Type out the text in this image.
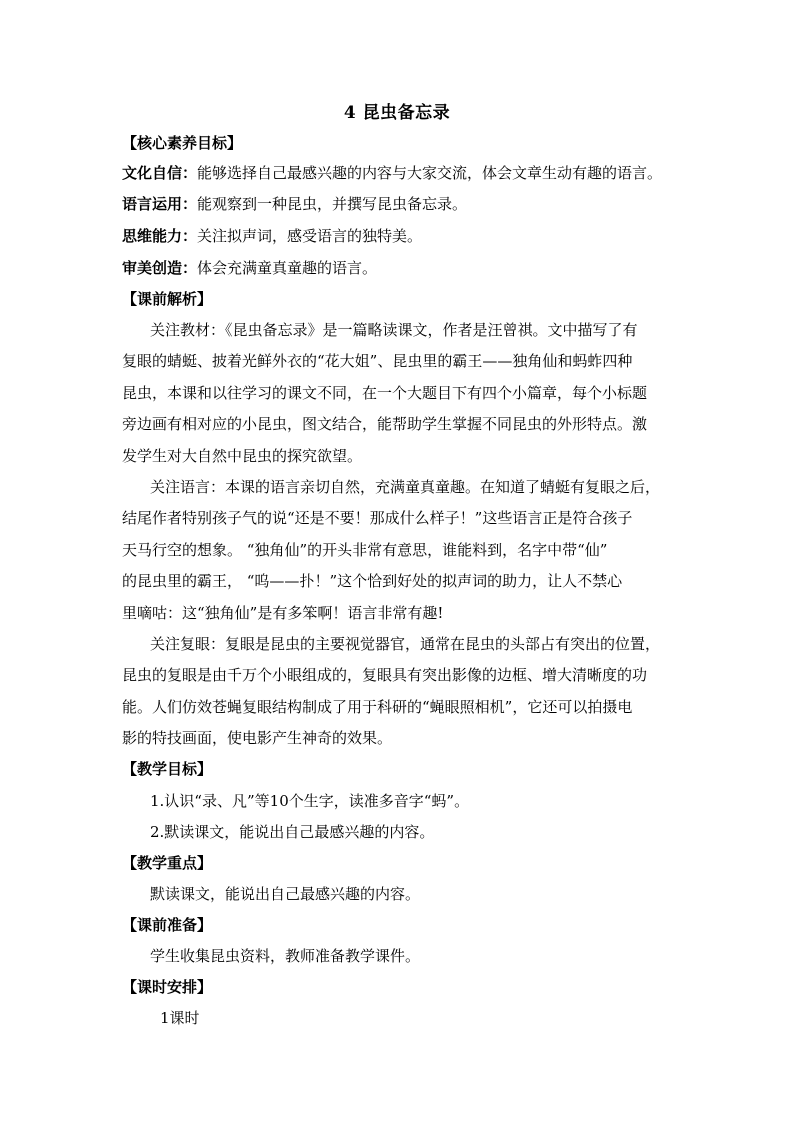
4 昆虫备忘录
【核心素养目标】
文化自信：能够选择自己最感兴趣的内容与大家交流，体会文章生动有趣的语言。
语言运用：能观察到一种昆虫，并撰写昆虫备忘录。
思维能力：关注拟声词，感受语言的独特美。
审美创造：体会充满童真童趣的语言。
【课前解析】
关注教材：《昆虫备忘录》是一篇略读课文，作者是汪曾祺。文中描写了有
复眼的蜻蜓、披着光鲜外衣的“花大姐”、昆虫里的霸王——独角仙和蚂蚱四种
昆虫，本课和以往学习的课文不同，在一个大题目下有四个小篇章，每个小标题
旁边画有相对应的小昆虫，图文结合，能帮助学生掌握不同昆虫的外形特点。激
发学生对大自然中昆虫的探究欲望。
关注语言：本课的语言亲切自然，充满童真童趣。在知道了蜻蜓有复眼之后，
结尾作者特别孩子气的说“还是不要！那成什么样子！”这些语言正是符合孩子
天马行空的想象。 “独角仙”的开头非常有意思，谁能料到，名字中带“仙”
的昆虫里的霸王， “呜——扑！”这个恰到好处的拟声词的助力，让人不禁心
里嘀咕：这“独角仙”是有多笨啊！语言非常有趣!
关注复眼：复眼是昆虫的主要视觉器官，通常在昆虫的头部占有突出的位置，
昆虫的复眼是由千万个小眼组成的，复眼具有突出影像的边框、增大清晰度的功
能。人们仿效苍蝇复眼结构制成了用于科研的“蝇眼照相机”，它还可以拍摄电
影的特技画面，使电影产生神奇的效果。
【教学目标】
1.认识“录、凡”等10个生字，读准多音字“蚂”。
2.默读课文，能说出自己最感兴趣的内容。
【教学重点】
默读课文，能说出自己最感兴趣的内容。
【课前准备】
学生收集昆虫资料，教师准备教学课件。
【课时安排】
1课时
